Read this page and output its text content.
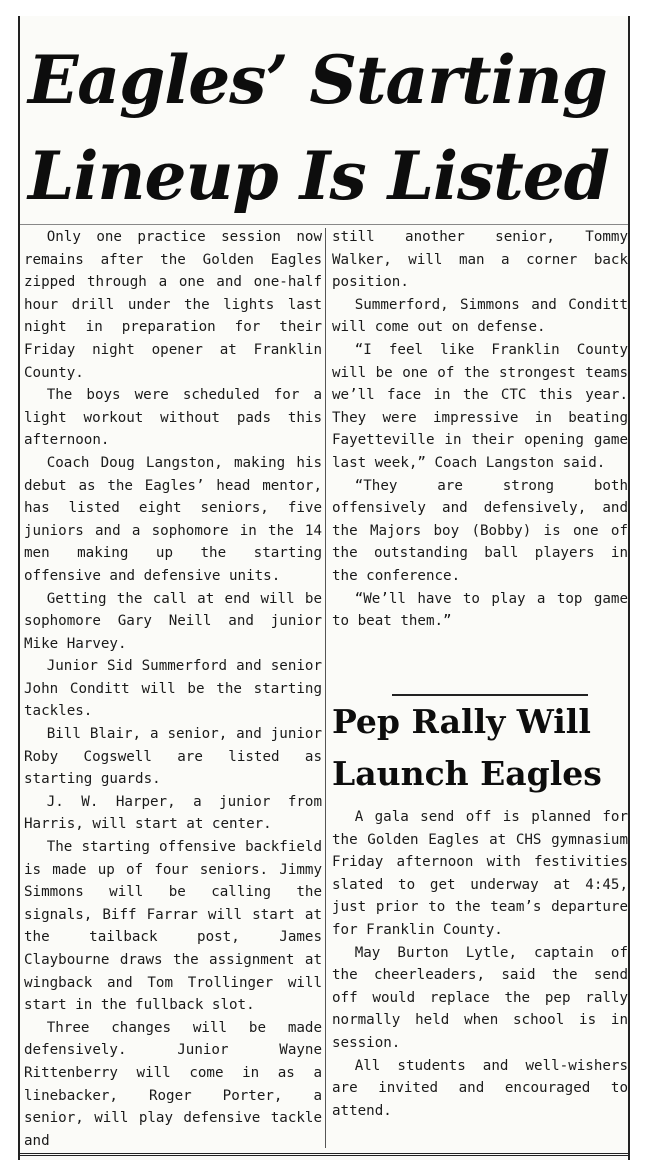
Eagles’ Starting
Lineup Is Listed

Only one practice session now remains after the Golden Eagles zipped through a one and one-half hour drill under the lights last night in preparation for their Friday night opener at Franklin County.

The boys were scheduled for a light workout without pads this afternoon.

Coach Doug Langston, making his debut as the Eagles’ head mentor, has listed eight seniors, five juniors and a sophomore in the 14 men making up the starting offensive and defensive units.

Getting the call at end will be sophomore Gary Neill and junior Mike Harvey.

Junior Sid Summerford and senior John Conditt will be the starting tackles.

Bill Blair, a senior, and junior Roby Cogswell are listed as starting guards.

J. W. Harper, a junior from Harris, will start at center.

The starting offensive backfield is made up of four seniors. Jimmy Simmons will be calling the signals, Biff Farrar will start at the tailback post, James Claybourne draws the assignment at wingback and Tom Trollinger will start in the fullback slot.

Three changes will be made defensively. Junior Wayne Rittenberry will come in as a linebacker, Roger Porter, a senior, will play defensive tackle and

still another senior, Tommy Walker, will man a corner back position.

Summerford, Simmons and Conditt will come out on defense.

“I feel like Franklin County will be one of the strongest teams we’ll face in the CTC this year. They were impressive in beating Fayetteville in their opening game last week,” Coach Langston said.

“They are strong both offensively and defensively, and the Majors boy (Bobby) is one of the outstanding ball players in the conference.

“We’ll have to play a top game to beat them.”

Pep Rally Will
Launch Eagles

A gala send off is planned for the Golden Eagles at CHS gymnasium Friday afternoon with festivities slated to get underway at 4:45, just prior to the team’s departure for Franklin County.

May Burton Lytle, captain of the cheerleaders, said the send off would replace the pep rally normally held when school is in session.

All students and well-wishers are invited and encouraged to attend.
